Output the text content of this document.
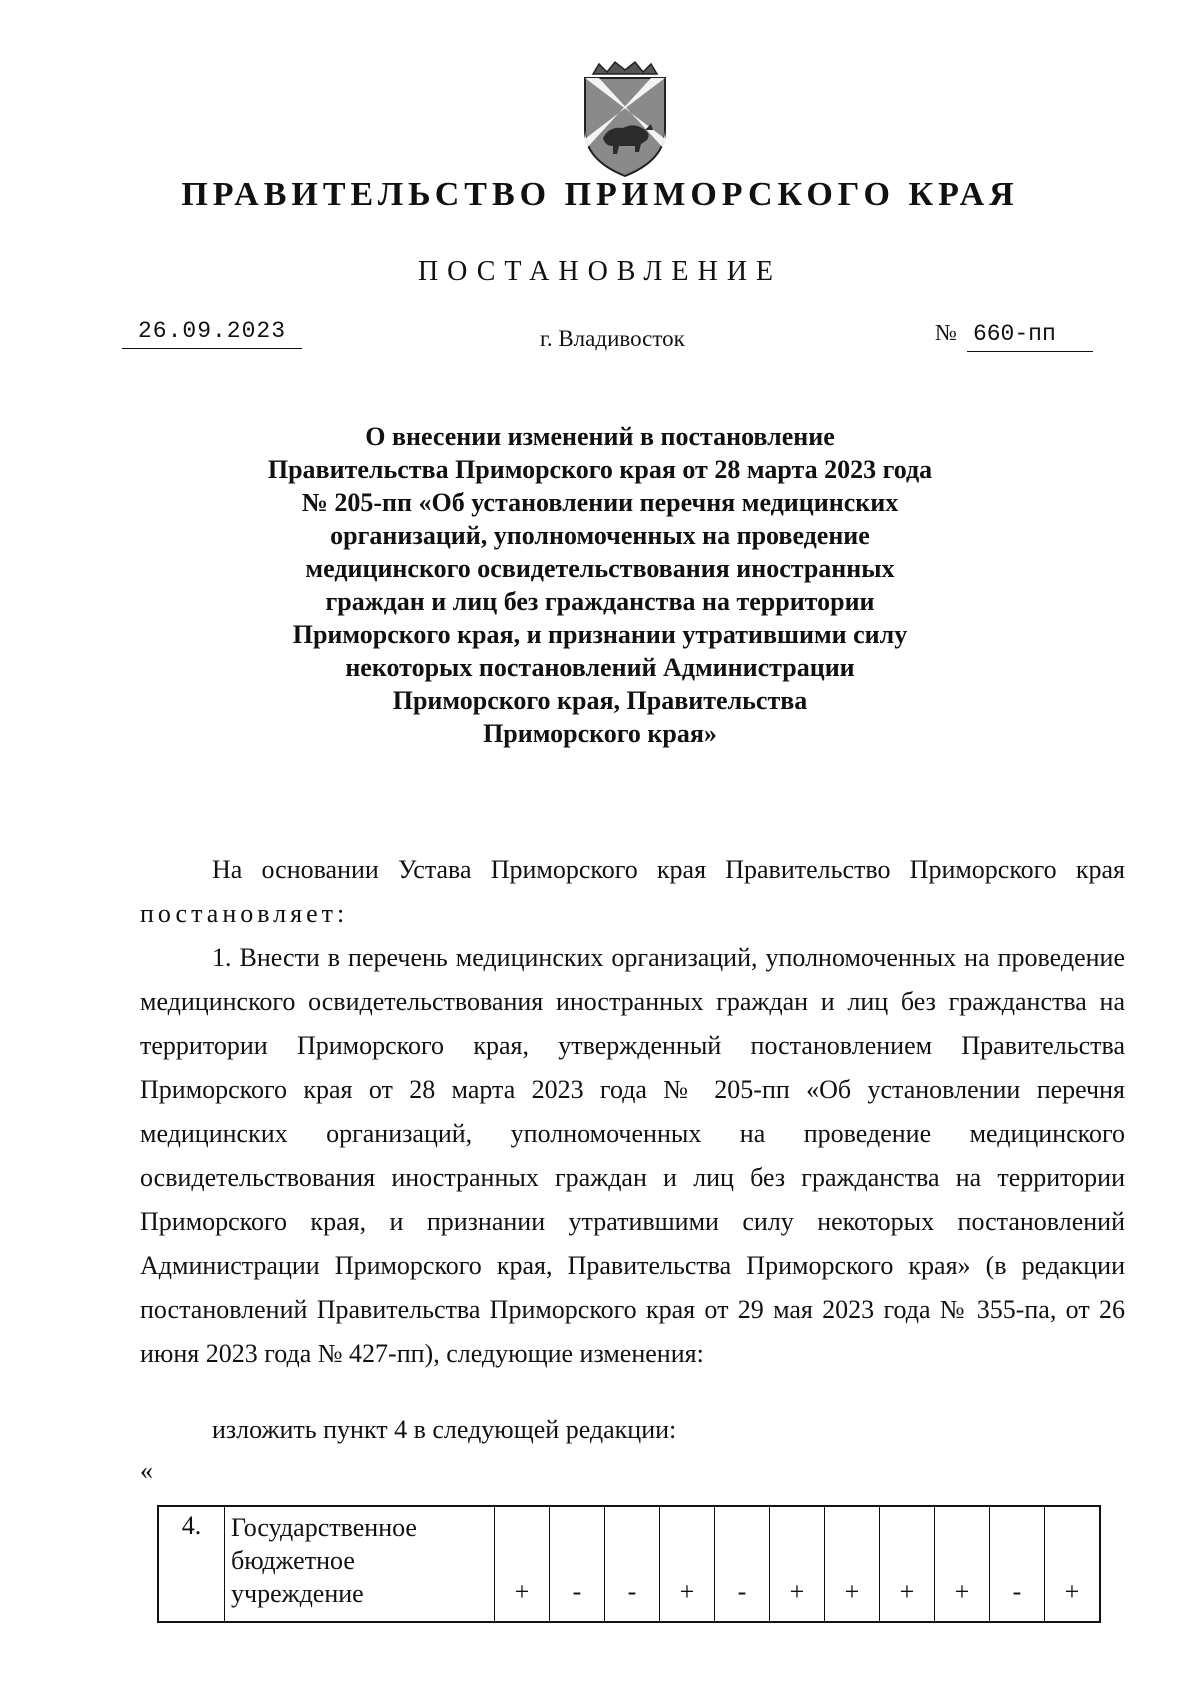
ПРАВИТЕЛЬСТВО ПРИМОРСКОГО КРАЯ
ПОСТАНОВЛЕНИЕ
26.09.2023	г. Владивосток	№ 660-пп
О внесении изменений в постановление
Правительства Приморского края от 28 марта 2023 года
№ 205-пп «Об установлении перечня медицинских
организаций, уполномоченных на проведение
медицинского освидетельствования иностранных
граждан и лиц без гражданства на территории
Приморского края, и признании утратившими силу
некоторых постановлений Администрации
Приморского края, Правительства
Приморского края»
На основании Устава Приморского края Правительство Приморского края
постановляет:
1. Внести в перечень медицинских организаций, уполномоченных на проведение медицинского освидетельствования иностранных граждан и лиц без гражданства на территории Приморского края, утвержденный постановлением Правительства Приморского края от 28 марта 2023 года № 205-пп «Об установлении перечня медицинских организаций, уполномоченных на проведение медицинского освидетельствования иностранных граждан и лиц без гражданства на территории Приморского края, и признании утратившими силу некоторых постановлений Администрации Приморского края, Правительства Приморского края» (в редакции постановлений Правительства Приморского края от 29 мая 2023 года № 355-па, от 26 июня 2023 года № 427-пп), следующие изменения:
изложить пункт 4 в следующей редакции:
«
4.	Государственное
бюджетное
учреждение	+	-	-	+	-	+	+	+	+	-	+
